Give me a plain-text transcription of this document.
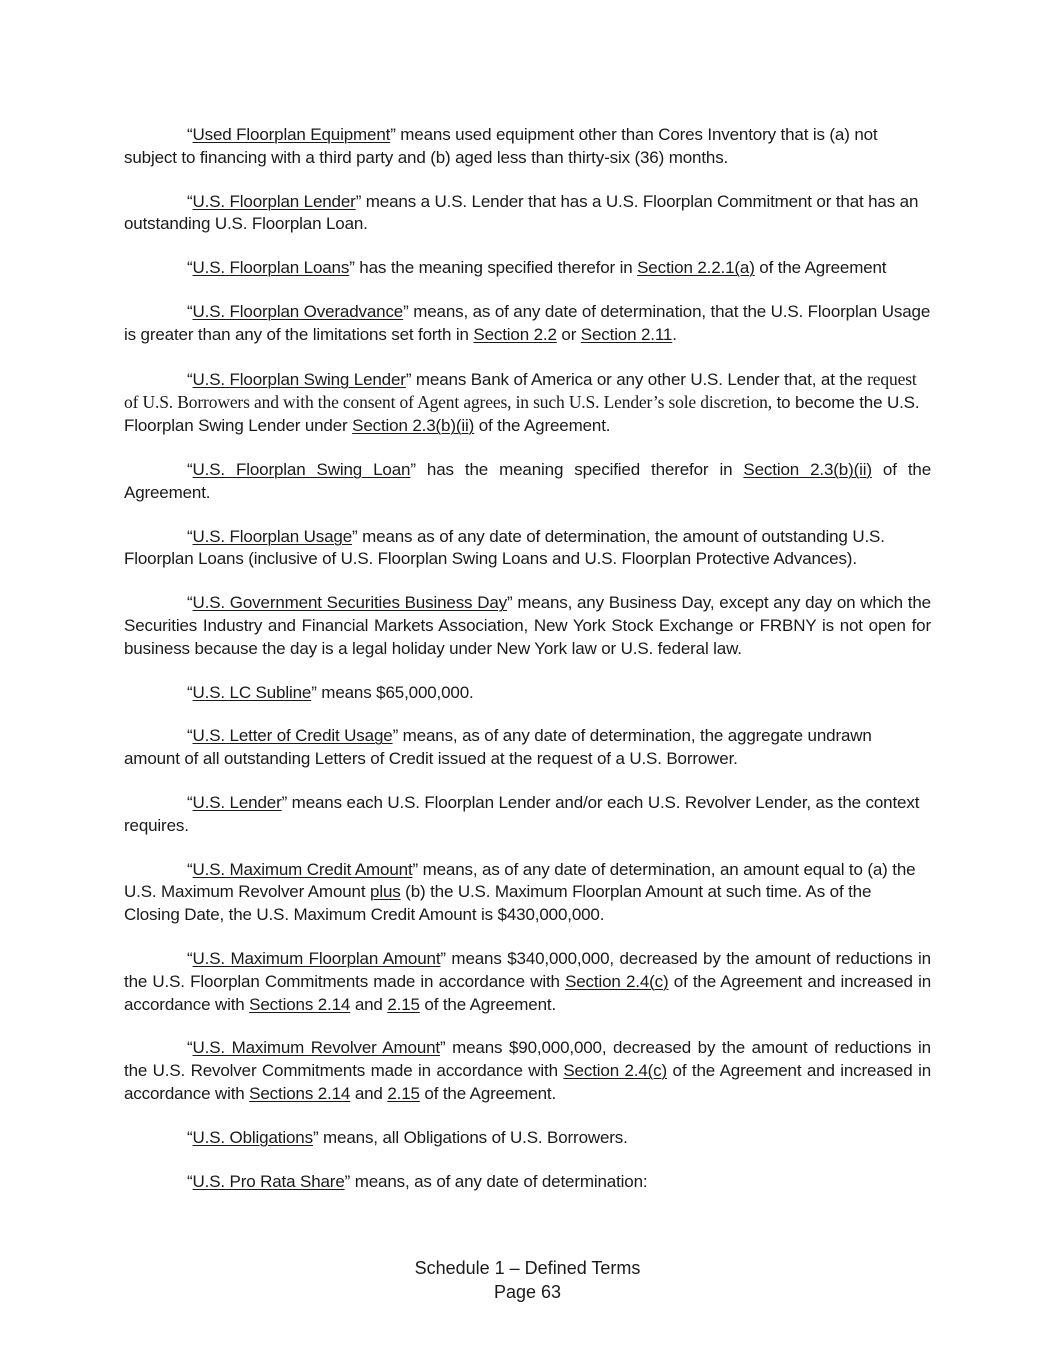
“Used Floorplan Equipment” means used equipment other than Cores Inventory that is (a) not subject to financing with a third party and (b) aged less than thirty-six (36) months.

“U.S. Floorplan Lender” means a U.S. Lender that has a U.S. Floorplan Commitment or that has an outstanding U.S. Floorplan Loan.

“U.S. Floorplan Loans” has the meaning specified therefor in Section 2.2.1(a) of the Agreement

“U.S. Floorplan Overadvance” means, as of any date of determination, that the U.S. Floorplan Usage is greater than any of the limitations set forth in Section 2.2 or Section 2.11.

“U.S. Floorplan Swing Lender” means Bank of America or any other U.S. Lender that, at the request of U.S. Borrowers and with the consent of Agent agrees, in such U.S. Lender’s sole discretion, to become the U.S. Floorplan Swing Lender under Section 2.3(b)(ii) of the Agreement.

“U.S. Floorplan Swing Loan” has the meaning specified therefor in Section 2.3(b)(ii) of the Agreement.

“U.S. Floorplan Usage” means as of any date of determination, the amount of outstanding U.S. Floorplan Loans (inclusive of U.S. Floorplan Swing Loans and U.S. Floorplan Protective Advances).

“U.S. Government Securities Business Day” means, any Business Day, except any day on which the Securities Industry and Financial Markets Association, New York Stock Exchange or FRBNY is not open for business because the day is a legal holiday under New York law or U.S. federal law.

“U.S. LC Subline” means $65,000,000.

“U.S. Letter of Credit Usage” means, as of any date of determination, the aggregate undrawn amount of all outstanding Letters of Credit issued at the request of a U.S. Borrower.

“U.S. Lender” means each U.S. Floorplan Lender and/or each U.S. Revolver Lender, as the context requires.

“U.S. Maximum Credit Amount” means, as of any date of determination, an amount equal to (a) the U.S. Maximum Revolver Amount plus (b) the U.S. Maximum Floorplan Amount at such time. As of the Closing Date, the U.S. Maximum Credit Amount is $430,000,000.

“U.S. Maximum Floorplan Amount” means $340,000,000, decreased by the amount of reductions in the U.S. Floorplan Commitments made in accordance with Section 2.4(c) of the Agreement and increased in accordance with Sections 2.14 and 2.15 of the Agreement.

“U.S. Maximum Revolver Amount” means $90,000,000, decreased by the amount of reductions in the U.S. Revolver Commitments made in accordance with Section 2.4(c) of the Agreement and increased in accordance with Sections 2.14 and 2.15 of the Agreement.

“U.S. Obligations” means, all Obligations of U.S. Borrowers.

“U.S. Pro Rata Share” means, as of any date of determination:

Schedule 1 – Defined Terms
Page 63
